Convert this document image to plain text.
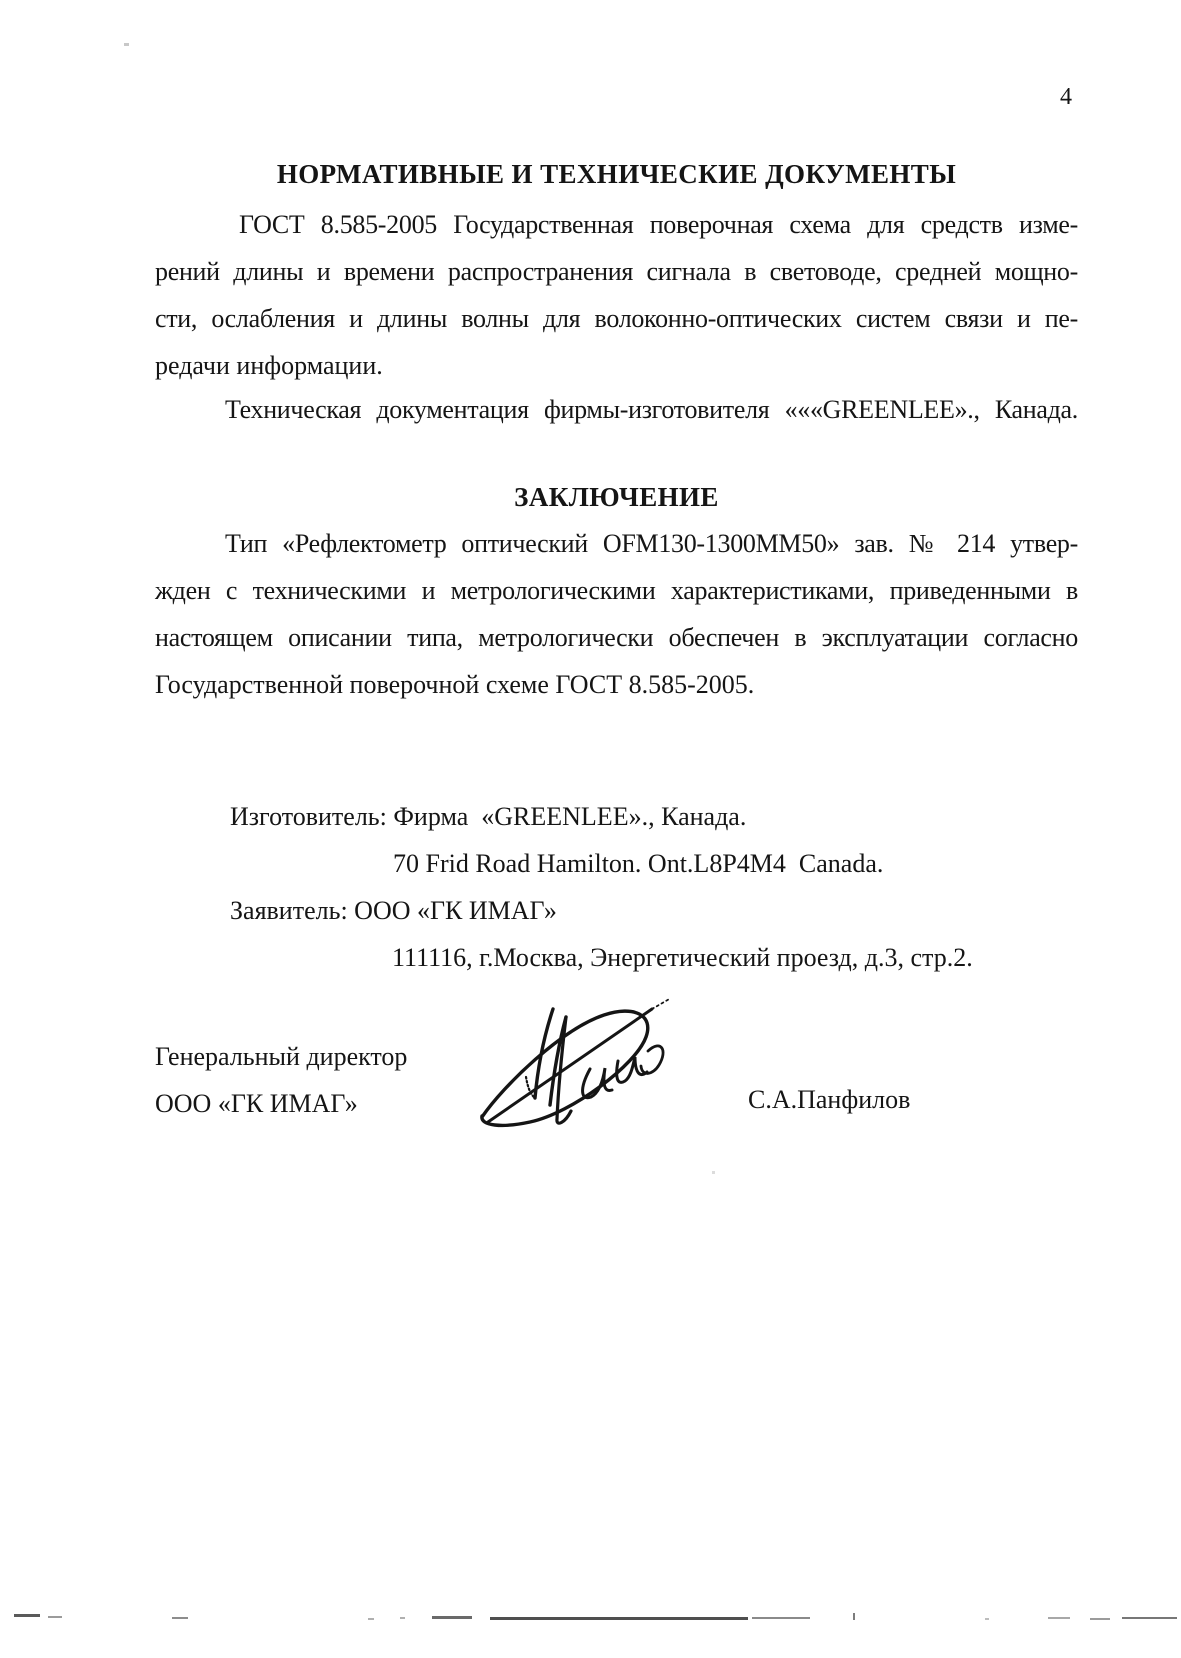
4
НОРМАТИВНЫЕ И ТЕХНИЧЕСКИЕ ДОКУМЕНТЫ
ГОСТ 8.585-2005 Государственная поверочная схема для средств изме-
рений длины и времени распространения сигнала в световоде, средней мощно-
сти, ослабления и длины волны для волоконно-оптических систем связи и пе-
редачи информации.
Техническая документация фирмы-изготовителя «««GREENLEE»., Канада.
ЗАКЛЮЧЕНИЕ
Тип «Рефлектометр оптический OFM130-1300MM50» зав. № 214 утвер-
жден с техническими и метрологическими характеристиками, приведенными в
настоящем описании типа, метрологически обеспечен в эксплуатации согласно
Государственной поверочной схеме ГОСТ 8.585-2005.
Изготовитель: Фирма  «GREENLEE»., Канада.
70 Frid Road Hamilton. Ont.L8P4M4  Canada.
Заявитель: ООО «ГК ИМАГ»
111116, г.Москва, Энергетический проезд, д.3, стр.2.
Генеральный директор
ООО «ГК ИМАГ»	С.А.Панфилов
